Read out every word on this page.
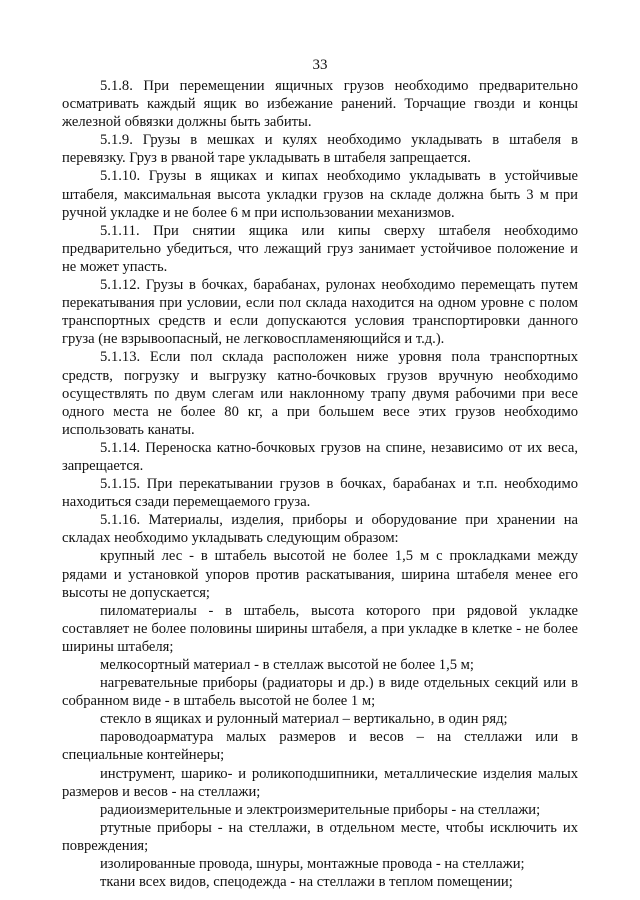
33

5.1.8. При перемещении ящичных грузов необходимо предварительно осматривать каждый ящик во избежание ранений. Торчащие гвозди и концы железной обвязки должны быть забиты.

5.1.9. Грузы в мешках и кулях необходимо укладывать в штабеля в перевязку. Груз в рваной таре укладывать в штабеля запрещается.

5.1.10. Грузы в ящиках и кипах необходимо укладывать в устойчивые штабеля, максимальная высота укладки грузов на складе должна быть 3 м при ручной укладке и не более 6 м при использовании механизмов.

5.1.11. При снятии ящика или кипы сверху штабеля необходимо предварительно убедиться, что лежащий груз занимает устойчивое положение и не может упасть.

5.1.12. Грузы в бочках, барабанах, рулонах необходимо перемещать путем перекатывания при условии, если пол склада находится на одном уровне с полом транспортных средств и если допускаются условия транспортировки данного груза (не взрывоопасный, не легковоспламеняющийся и т.д.).

5.1.13. Если пол склада расположен ниже уровня пола транспортных средств, погрузку и выгрузку катно-бочковых грузов вручную необходимо осуществлять по двум слегам или наклонному трапу двумя рабочими при весе одного места не более 80 кг, а при большем весе этих грузов необходимо использовать канаты.

5.1.14. Переноска катно-бочковых грузов на спине, независимо от их веса, запрещается.

5.1.15. При перекатывании грузов в бочках, барабанах и т.п. необходимо находиться сзади перемещаемого груза.

5.1.16. Материалы, изделия, приборы и оборудование при хранении на складах необходимо укладывать следующим образом:

крупный лес - в штабель высотой не более 1,5 м с прокладками между рядами и установкой упоров против раскатывания, ширина штабеля менее его высоты не допускается;

пиломатериалы - в штабель, высота которого при рядовой укладке составляет не более половины ширины штабеля, а при укладке в клетке - не более ширины штабеля;

мелкосортный материал - в стеллаж высотой не более 1,5 м;

нагревательные приборы (радиаторы и др.) в виде отдельных секций или в собранном виде - в штабель высотой не более 1 м;

стекло в ящиках и рулонный материал – вертикально, в один ряд;

пароводоарматура малых размеров и весов – на стеллажи или в специальные контейнеры;

инструмент, шарико- и роликоподшипники, металлические изделия малых размеров и весов - на стеллажи;

радиоизмерительные и электроизмерительные приборы - на стеллажи;

ртутные приборы - на стеллажи, в отдельном месте, чтобы исключить их повреждения;

изолированные провода, шнуры, монтажные провода - на стеллажи;

ткани всех видов, спецодежда - на стеллажи в теплом помещении;
